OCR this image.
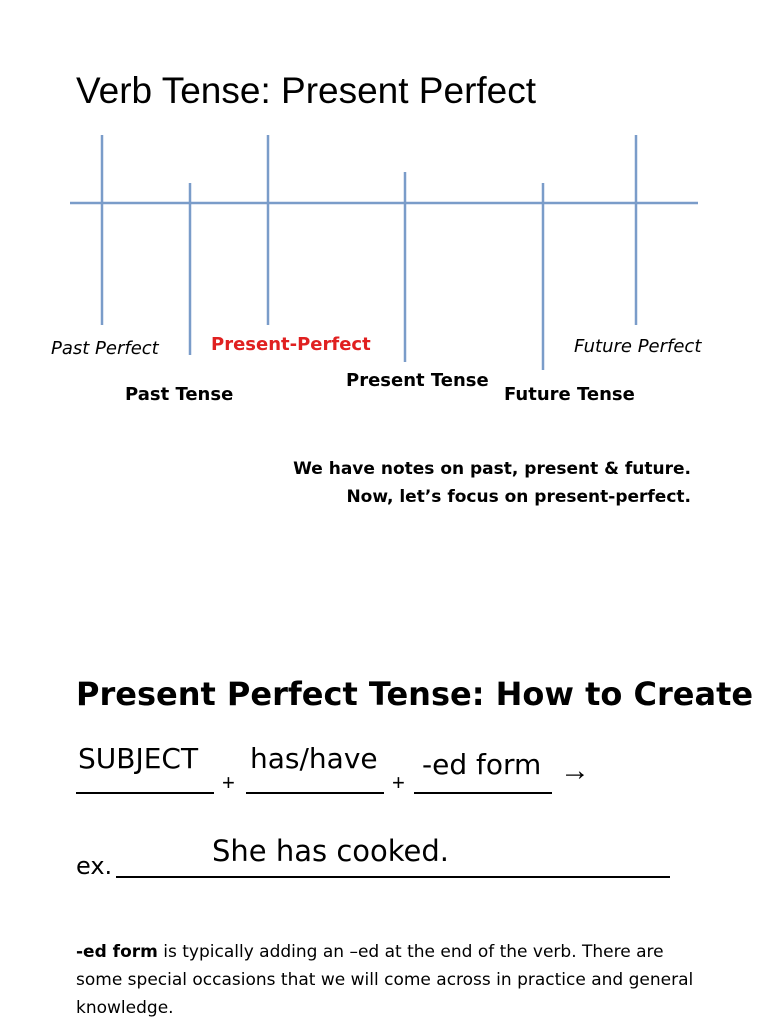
Verb Tense: Present Perfect
Past Perfect	Present-Perfect	Future Perfect
Past Tense
Present Tense
Future Tense
We have notes on past, present & future.
Now, let’s focus on present-perfect.
Present Perfect Tense: How to Create
SUBJECT
+
has/have
+
-ed form →
ex.	She has cooked.
-ed form is typically adding an –ed at the end of the verb. There are some special occasions that we will come across in practice and general knowledge.
